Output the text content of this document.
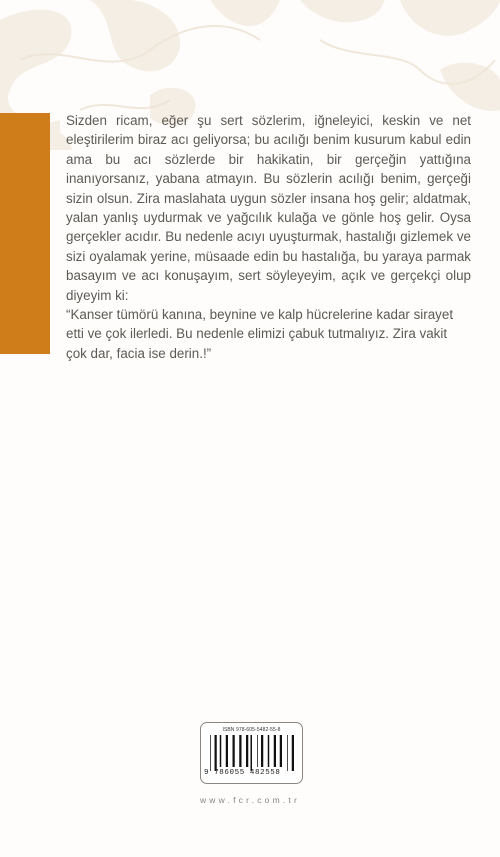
Sizden ricam, eğer şu sert sözlerim, iğneleyici, keskin ve net eleştirilerim biraz acı geliyorsa; bu acılığı benim kusurum kabul edin ama bu acı sözlerde bir hakikatin, bir gerçeğin yattığına inanıyorsanız, yabana atmayın. Bu sözlerin acılığı benim, gerçeği sizin olsun. Zira maslahata uygun sözler insana hoş gelir; aldatmak, yalan yanlış uydurmak ve yağcılık kulağa ve gönle hoş gelir. Oysa gerçekler acıdır. Bu nedenle acıyı uyuşturmak, hastalığı gizlemek ve sizi oyalamak yerine, müsaade edin bu hastalığa, bu yaraya parmak basayım ve acı konuşayım, sert söyleyeyim, açık ve gerçekçi olup diyeyim ki:

“Kanser tümörü kanına, beynine ve kalp hücrelerine kadar sirayet etti ve çok ilerledi. Bu nedenle elimizi çabuk tutmalıyız. Zira vakit çok dar, facia ise derin.!”

ISBN 978-605-5482-55-8
9 786055 482558
www.fcr.com.tr
